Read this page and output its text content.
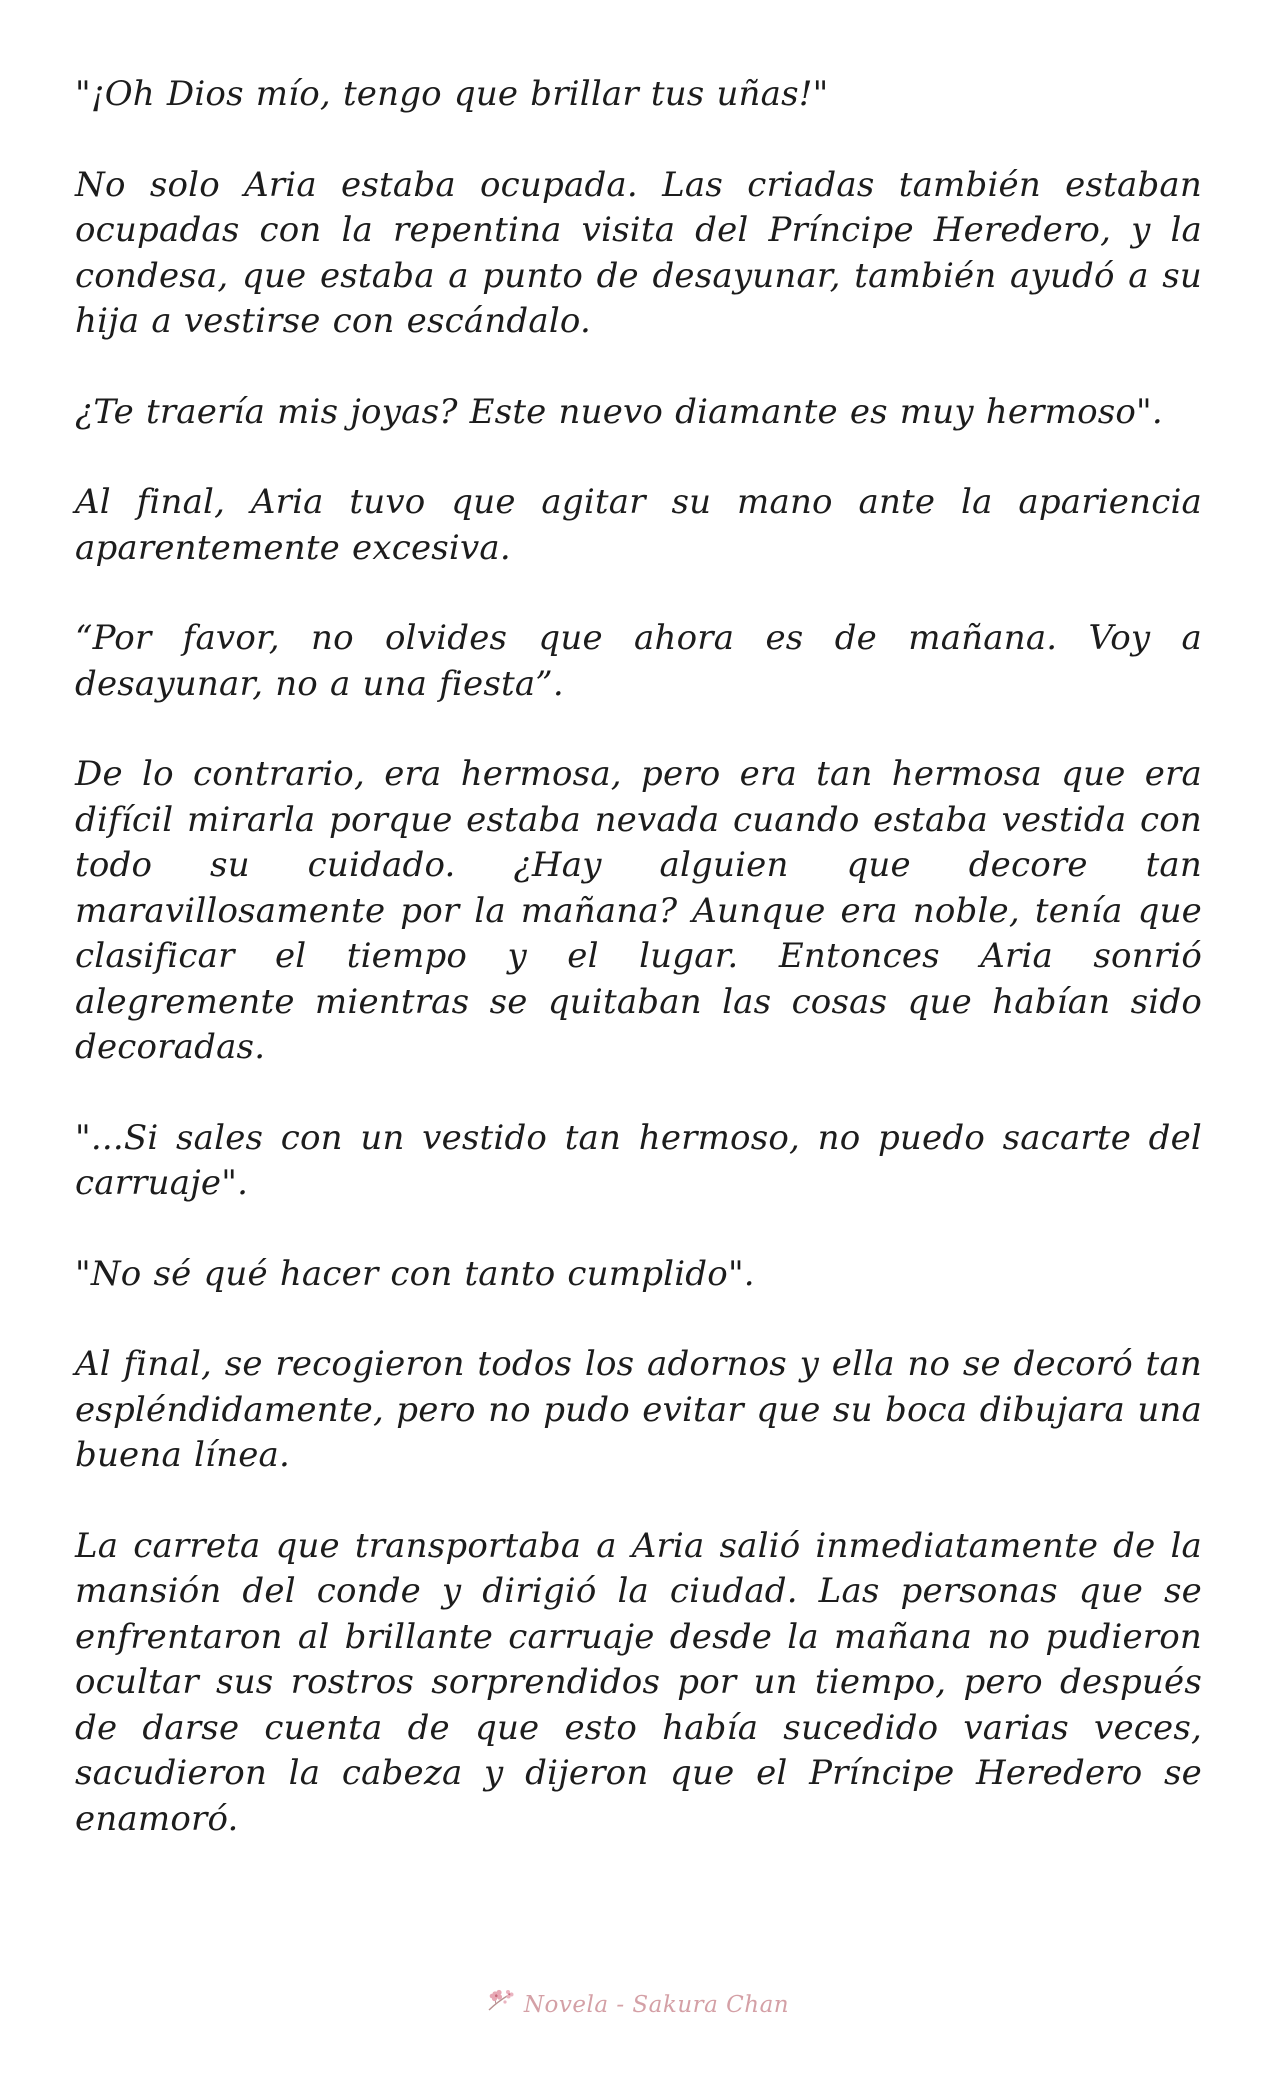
"¡Oh Dios mío, tengo que brillar tus uñas!"

No solo Aria estaba ocupada. Las criadas también estaban ocupadas con la repentina visita del Príncipe Heredero, y la condesa, que estaba a punto de desayunar, también ayudó a su hija a vestirse con escándalo.

¿Te traería mis joyas? Este nuevo diamante es muy hermoso".

Al final, Aria tuvo que agitar su mano ante la apariencia aparentemente excesiva.

“Por favor, no olvides que ahora es de mañana. Voy a desayunar, no a una fiesta”.

De lo contrario, era hermosa, pero era tan hermosa que era difícil mirarla porque estaba nevada cuando estaba vestida con todo su cuidado. ¿Hay alguien que decore tan maravillosamente por la mañana? Aunque era noble, tenía que clasificar el tiempo y el lugar. Entonces Aria sonrió alegremente mientras se quitaban las cosas que habían sido decoradas.

"...Si sales con un vestido tan hermoso, no puedo sacarte del carruaje".

"No sé qué hacer con tanto cumplido".

Al final, se recogieron todos los adornos y ella no se decoró tan espléndidamente, pero no pudo evitar que su boca dibujara una buena línea.

La carreta que transportaba a Aria salió inmediatamente de la mansión del conde y dirigió la ciudad. Las personas que se enfrentaron al brillante carruaje desde la mañana no pudieron ocultar sus rostros sorprendidos por un tiempo, pero después de darse cuenta de que esto había sucedido varias veces, sacudieron la cabeza y dijeron que el Príncipe Heredero se enamoró.

Novela - Sakura Chan
